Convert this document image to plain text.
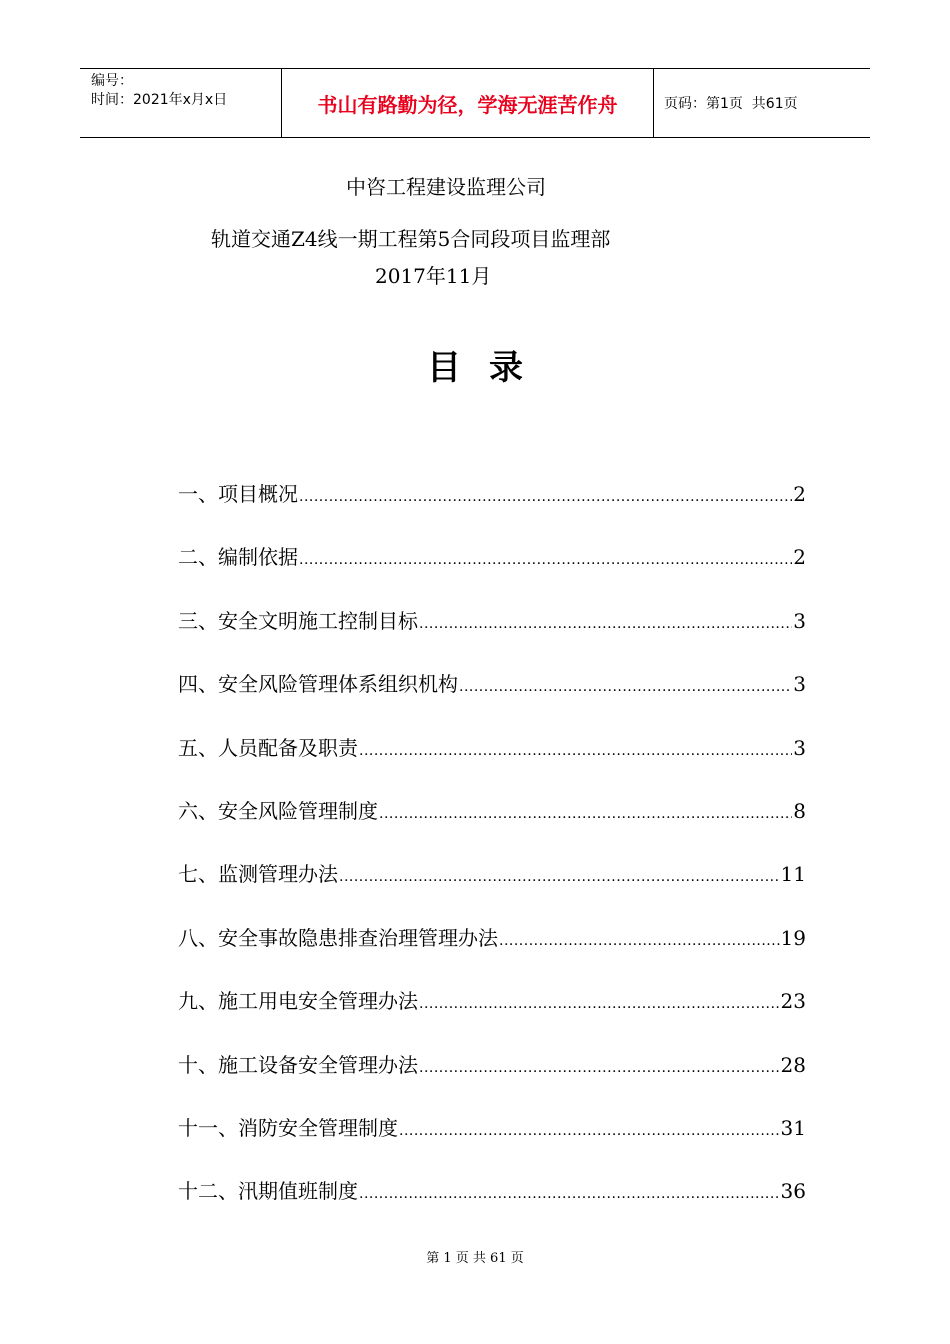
编号：
时间：2021年x月x日	书山有路勤为径，学海无涯苦作舟	页码：第1页  共61页
中咨工程建设监理公司
轨道交通Z4线一期工程第5合同段项目监理部
2017年11月
目录
一、项目概况 .....	2
二、编制依据 .....	2
三、安全文明施工控制目标 .....	3
四、安全风险管理体系组织机构 .....	3
五、人员配备及职责 .....	3
六、安全风险管理制度 .....	8
七、监测管理办法 .....	11
八、安全事故隐患排查治理管理办法 .....	19
九、施工用电安全管理办法 .....	23
十、施工设备安全管理办法 .....	28
十一、消防安全管理制度 .....	31
十二、汛期值班制度 .....	36
第 1 页 共 61 页
